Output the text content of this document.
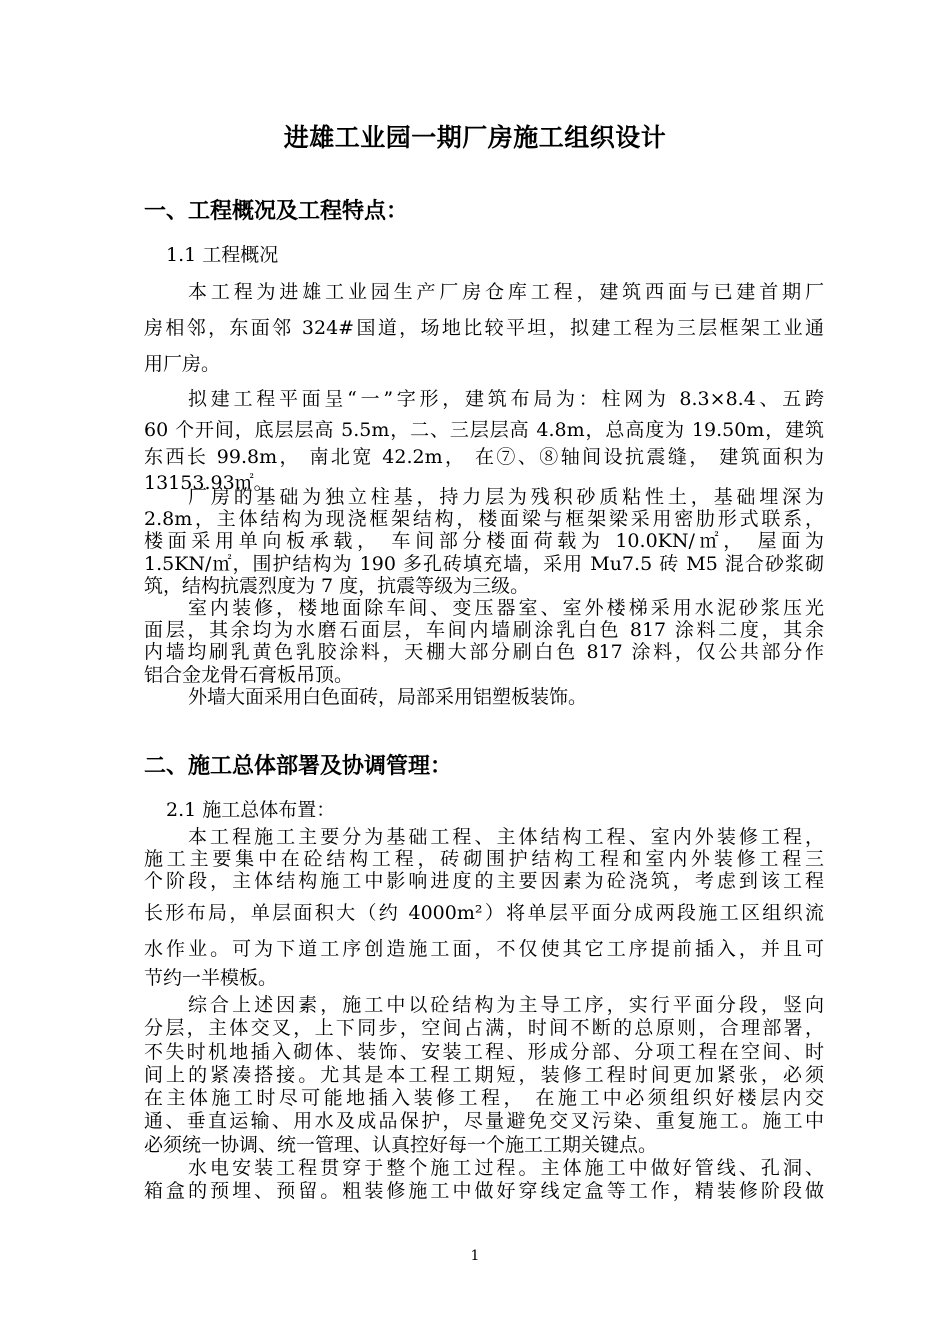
进雄工业园一期厂房施工组织设计
一、工程概况及工程特点：
1.1 工程概况
本工程为进雄工业园生产厂房仓库工程，建筑西面与已建首期厂
房相邻，东面邻 324#国道，场地比较平坦，拟建工程为三层框架工业通
用厂房。
拟建工程平面呈“一”字形，建筑布局为：柱网为 8.3×8.4、五跨
60 个开间，底层层高 5.5m，二、三层层高 4.8m，总高度为 19.50m，建筑
东西长 99.8m， 南北宽 42.2m， 在⑦、⑧轴间设抗震缝， 建筑面积为
13153.93㎡。
厂房的基础为独立柱基，持力层为残积砂质粘性土，基础埋深为
2.8m，主体结构为现浇框架结构，楼面梁与框架梁采用密肋形式联系，
楼面采用单向板承载， 车间部分楼面荷载为 10.0KN/㎡， 屋面为
1.5KN/㎡，围护结构为 190 多孔砖填充墙，采用 Mu7.5 砖 M5 混合砂浆砌
筑，结构抗震烈度为 7 度，抗震等级为三级。
室内装修，楼地面除车间、变压器室、室外楼梯采用水泥砂浆压光
面层，其余均为水磨石面层，车间内墙刷涂乳白色 817 涂料二度，其余
内墙均刷乳黄色乳胶涂料，天棚大部分刷白色 817 涂料，仅公共部分作
铝合金龙骨石膏板吊顶。
外墙大面采用白色面砖，局部采用铝塑板装饰。
二、施工总体部署及协调管理：
2.1 施工总体布置：
本工程施工主要分为基础工程、主体结构工程、室内外装修工程，
施工主要集中在砼结构工程，砖砌围护结构工程和室内外装修工程三
个阶段，主体结构施工中影响进度的主要因素为砼浇筑，考虑到该工程
长形布局，单层面积大（约 4000m²）将单层平面分成两段施工区组织流
水作业。可为下道工序创造施工面，不仅使其它工序提前插入，并且可
节约一半模板。
综合上述因素，施工中以砼结构为主导工序，实行平面分段，竖向
分层，主体交叉，上下同步，空间占满，时间不断的总原则，合理部署，
不失时机地插入砌体、装饰、安装工程、形成分部、分项工程在空间、时
间上的紧凑搭接。尤其是本工程工期短，装修工程时间更加紧张，必须
在主体施工时尽可能地插入装修工程， 在施工中必须组织好楼层内交
通、垂直运输、用水及成品保护，尽量避免交叉污染、重复施工。施工中
必须统一协调、统一管理、认真控好每一个施工工期关键点。
水电安装工程贯穿于整个施工过程。主体施工中做好管线、孔洞、
箱盒的预埋、预留。粗装修施工中做好穿线定盒等工作，精装修阶段做
1
